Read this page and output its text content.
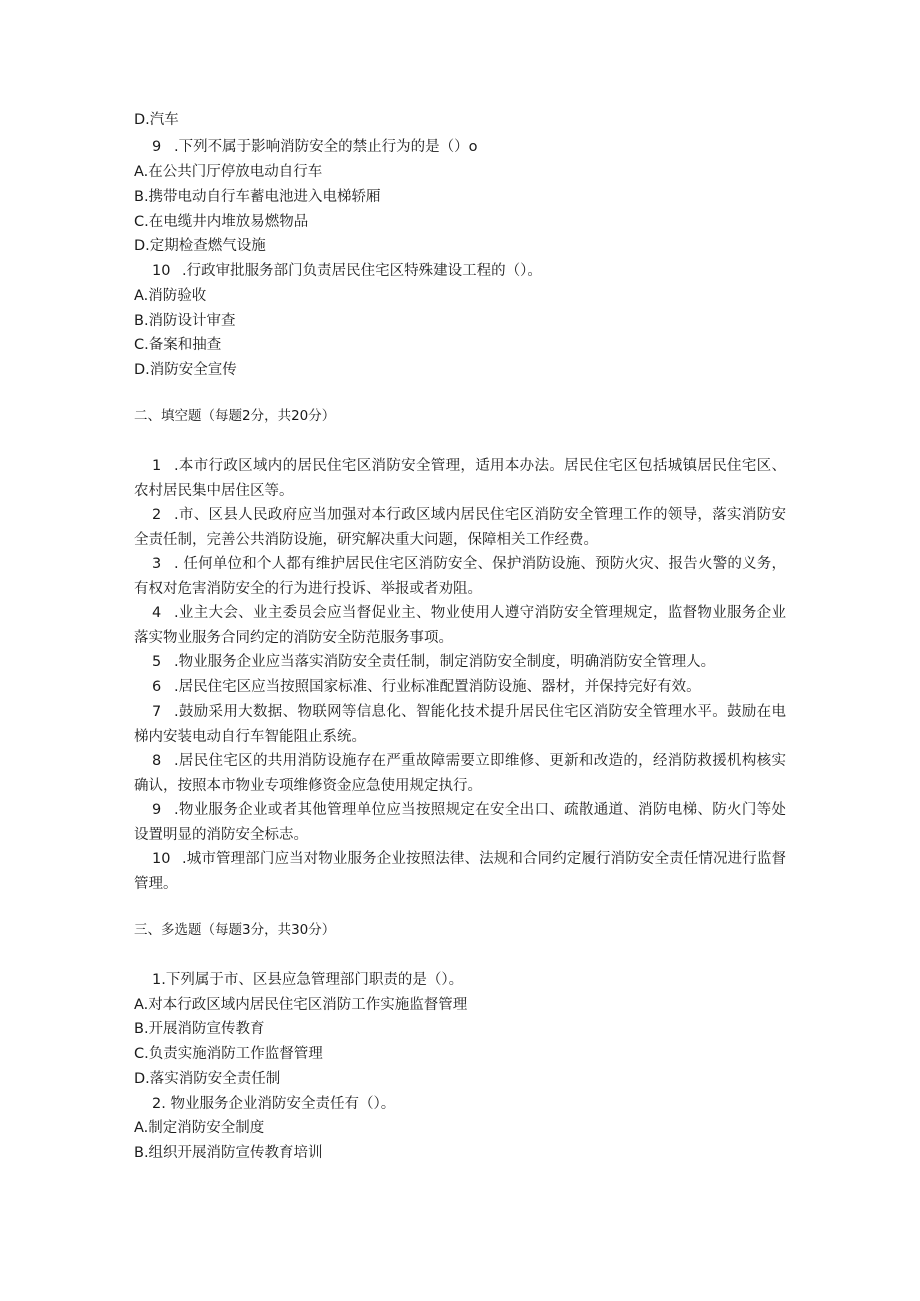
D.汽车
9 .下列不属于影响消防安全的禁止行为的是（）o
A.在公共门厅停放电动自行车
B.携带电动自行车蓄电池进入电梯轿厢
C.在电缆井内堆放易燃物品
D.定期检查燃气设施
10 .行政审批服务部门负责居民住宅区特殊建设工程的（）。
A.消防验收
B.消防设计审查
C.备案和抽查
D.消防安全宣传
二、填空题（每题2分，共20分）
1 .本市行政区域内的居民住宅区消防安全管理，适用本办法。居民住宅区包括城镇居民住宅区、农村居民集中居住区等。
2 .市、区县人民政府应当加强对本行政区域内居民住宅区消防安全管理工作的领导，落实消防安全责任制，完善公共消防设施，研究解决重大问题，保障相关工作经费。
3 . 任何单位和个人都有维护居民住宅区消防安全、保护消防设施、预防火灾、报告火警的义务，有权对危害消防安全的行为进行投诉、举报或者劝阻。
4 .业主大会、业主委员会应当督促业主、物业使用人遵守消防安全管理规定，监督物业服务企业落实物业服务合同约定的消防安全防范服务事项。
5 .物业服务企业应当落实消防安全责任制，制定消防安全制度，明确消防安全管理人。
6 .居民住宅区应当按照国家标准、行业标准配置消防设施、器材，并保持完好有效。
7 .鼓励采用大数据、物联网等信息化、智能化技术提升居民住宅区消防安全管理水平。鼓励在电梯内安装电动自行车智能阻止系统。
8 .居民住宅区的共用消防设施存在严重故障需要立即维修、更新和改造的，经消防救援机构核实确认，按照本市物业专项维修资金应急使用规定执行。
9 .物业服务企业或者其他管理单位应当按照规定在安全出口、疏散通道、消防电梯、防火门等处设置明显的消防安全标志。
10 .城市管理部门应当对物业服务企业按照法律、法规和合同约定履行消防安全责任情况进行监督管理。
三、多选题（每题3分，共30分）
1.下列属于市、区县应急管理部门职责的是（）。
A.对本行政区域内居民住宅区消防工作实施监督管理
B.开展消防宣传教育
C.负责实施消防工作监督管理
D.落实消防安全责任制
2. 物业服务企业消防安全责任有（）。
A.制定消防安全制度
B.组织开展消防宣传教育培训
